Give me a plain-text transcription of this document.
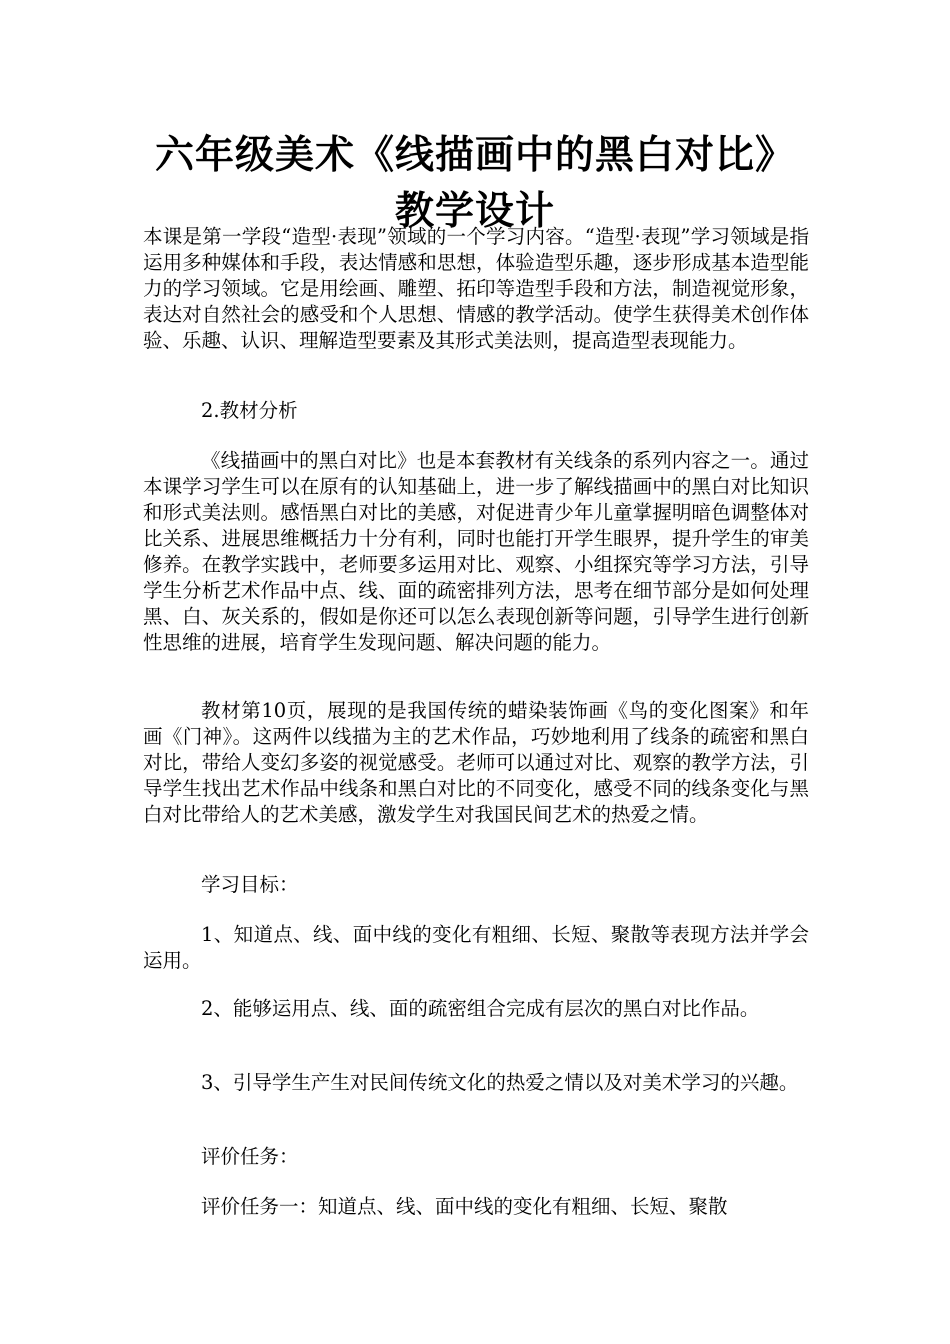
六年级美术《线描画中的黑白对比》教学设计

本课是第一学段“造型·表现”领域的一个学习内容。“造型·表现”学习领域是指运用多种媒体和手段，表达情感和思想，体验造型乐趣，逐步形成基本造型能力的学习领域。它是用绘画、雕塑、拓印等造型手段和方法，制造视觉形象，表达对自然社会的感受和个人思想、情感的教学活动。使学生获得美术创作体验、乐趣、认识、理解造型要素及其形式美法则，提高造型表现能力。

2.教材分析

《线描画中的黑白对比》也是本套教材有关线条的系列内容之一。通过本课学习学生可以在原有的认知基础上，进一步了解线描画中的黑白对比知识和形式美法则。感悟黑白对比的美感，对促进青少年儿童掌握明暗色调整体对比关系、进展思维概括力十分有利，同时也能打开学生眼界，提升学生的审美修养。在教学实践中，老师要多运用对比、观察、小组探究等学习方法，引导学生分析艺术作品中点、线、面的疏密排列方法，思考在细节部分是如何处理黑、白、灰关系的，假如是你还可以怎么表现创新等问题，引导学生进行创新性思维的进展，培育学生发现问题、解决问题的能力。

教材第10页，展现的是我国传统的蜡染装饰画《鸟的变化图案》和年画《门神》。这两件以线描为主的艺术作品，巧妙地利用了线条的疏密和黑白对比，带给人变幻多姿的视觉感受。老师可以通过对比、观察的教学方法，引导学生找出艺术作品中线条和黑白对比的不同变化，感受不同的线条变化与黑白对比带给人的艺术美感，激发学生对我国民间艺术的热爱之情。

学习目标：

1、知道点、线、面中线的变化有粗细、长短、聚散等表现方法并学会运用。

2、能够运用点、线、面的疏密组合完成有层次的黑白对比作品。

3、引导学生产生对民间传统文化的热爱之情以及对美术学习的兴趣。

评价任务：

评价任务一：知道点、线、面中线的变化有粗细、长短、聚散
